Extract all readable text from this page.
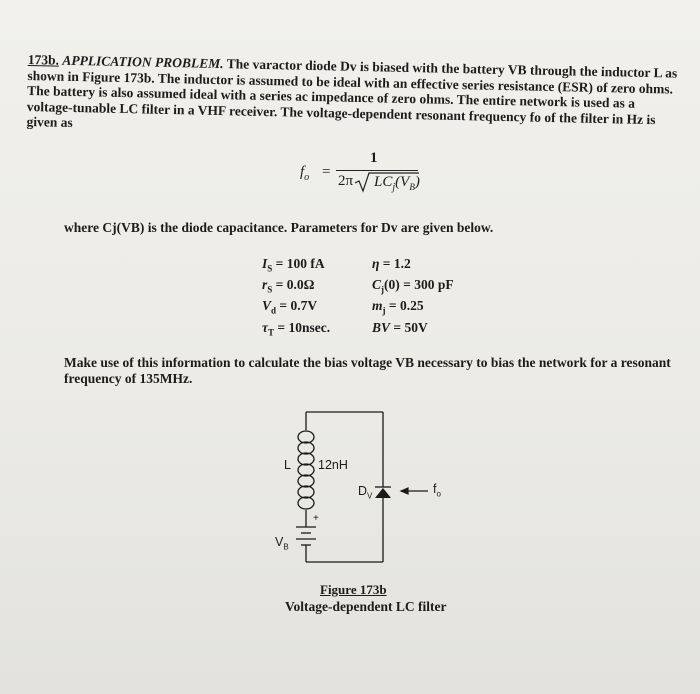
173b. APPLICATION PROBLEM. The varactor diode Dv is biased with the battery VB through the inductor L as shown in Figure 173b. The inductor is assumed to be ideal with an effective series resistance (ESR) of zero ohms. The battery is also assumed ideal with a series ac impedance of zero ohms. The entire network is used as a voltage-tunable LC filter in a VHF receiver. The voltage-dependent resonant frequency fo of the filter in Hz is given as
$f_o$ =
1
2π $LC_j(V_B)$
where Cj(VB) is the diode capacitance. Parameters for Dv are given below.
$I_S = 100$ fA	η = 1.2
$r_S = 0.0\Omega$	$C_j(0) = 300$ pF
$V_d = 0.7V$	$m_j = 0.25$
$\tau_T = 10nsec$.	BV = 50V
Make use of this information to calculate the bias voltage VB necessary to bias the network for a resonant frequency of 135MHz.
L 12nH
$D_V$	$f_o$
+
$V_B$
Figure 173b
Voltage-dependent LC filter
